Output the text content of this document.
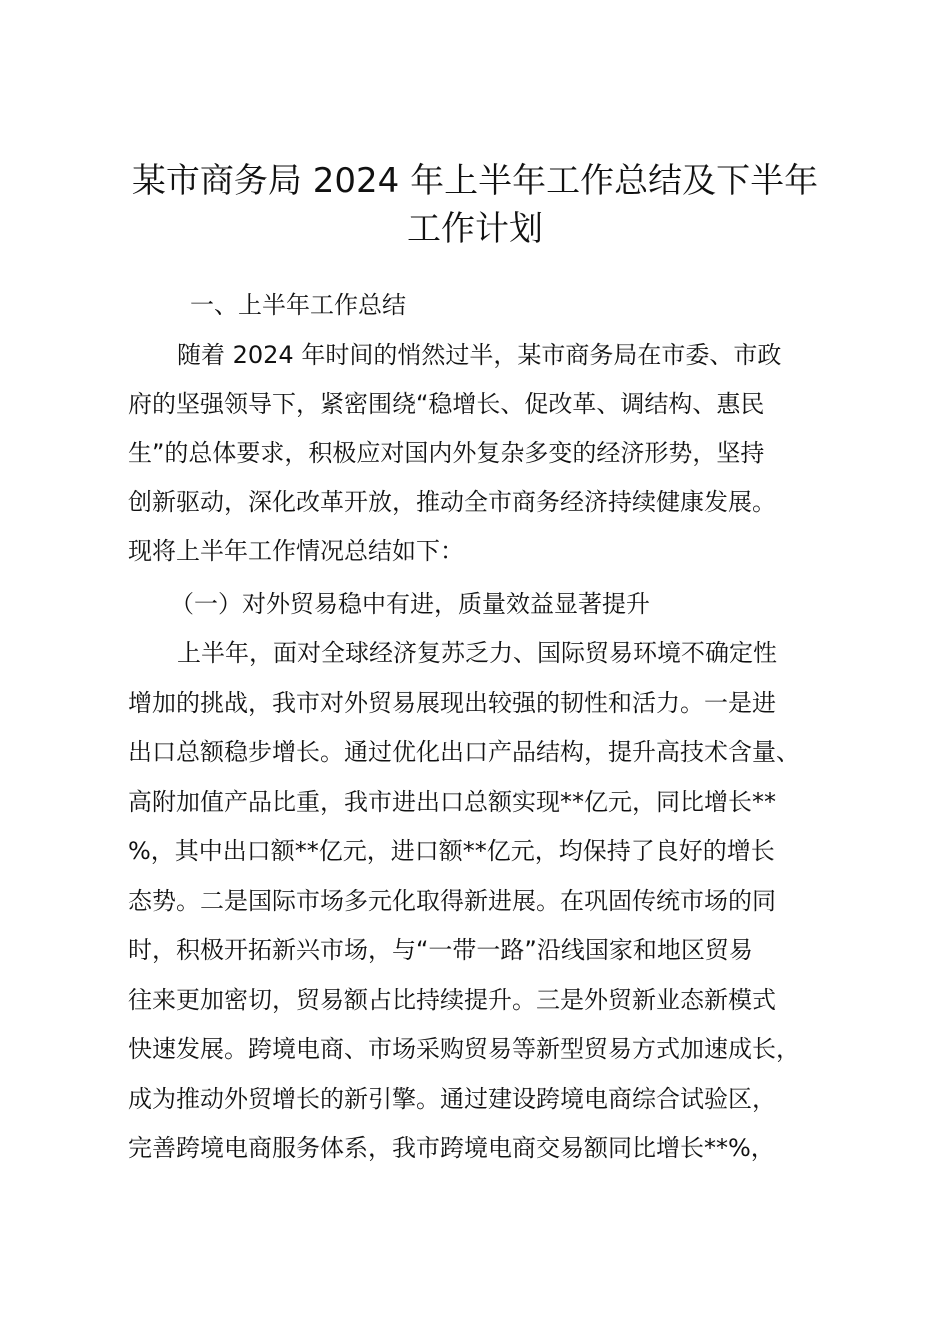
某市商务局 2024 年上半年工作总结及下半年
工作计划

一、上半年工作总结

随着 2024 年时间的悄然过半，某市商务局在市委、市政

府的坚强领导下，紧密围绕“稳增长、促改革、调结构、惠民

生”的总体要求，积极应对国内外复杂多变的经济形势，坚持

创新驱动，深化改革开放，推动全市商务经济持续健康发展。

现将上半年工作情况总结如下：

（一）对外贸易稳中有进，质量效益显著提升

上半年，面对全球经济复苏乏力、国际贸易环境不确定性

增加的挑战，我市对外贸易展现出较强的韧性和活力。一是进

出口总额稳步增长。通过优化出口产品结构，提升高技术含量、

高附加值产品比重，我市进出口总额实现**亿元，同比增长**

%，其中出口额**亿元，进口额**亿元，均保持了良好的增长

态势。二是国际市场多元化取得新进展。在巩固传统市场的同

时，积极开拓新兴市场，与“一带一路”沿线国家和地区贸易

往来更加密切，贸易额占比持续提升。三是外贸新业态新模式

快速发展。跨境电商、市场采购贸易等新型贸易方式加速成长，

成为推动外贸增长的新引擎。通过建设跨境电商综合试验区，

完善跨境电商服务体系，我市跨境电商交易额同比增长**%，
